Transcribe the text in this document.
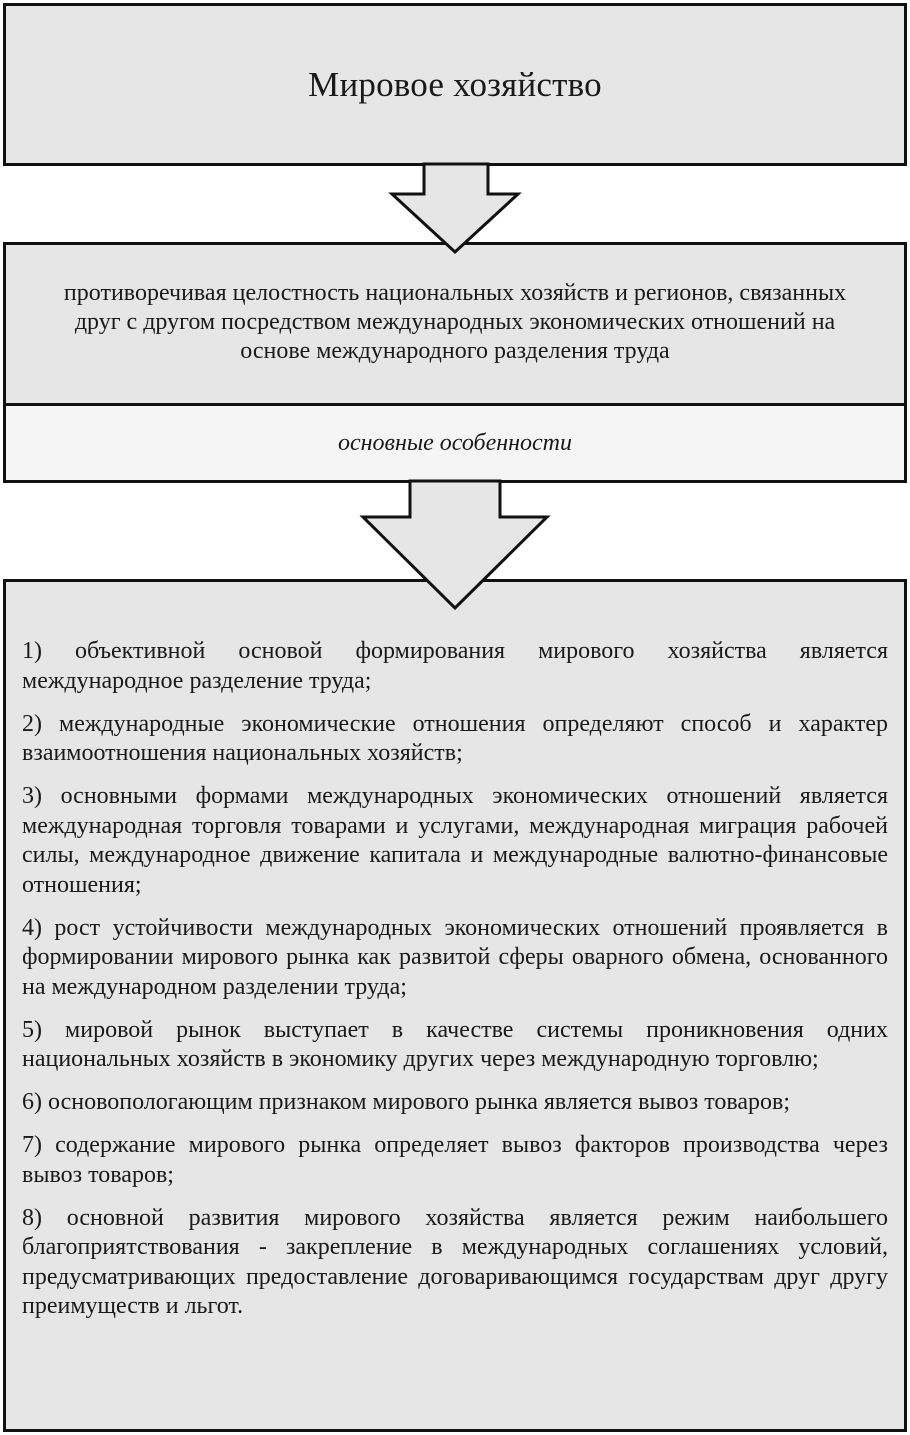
Мировое хозяйство
противоречивая целостность национальных хозяйств и регионов, связанных друг с другом посредством международных экономических отношений на основе международного разделения труда
основные особенности
1) объективной основой формирования мирового хозяйства является международное разделение труда;
2) международные экономические отношения определяют способ и характер взаимоотношения национальных хозяйств;
3) основными формами международных экономических отношений является международная торговля товарами и услугами, международная миграция рабочей силы, международное движение капитала и международные валютно-финансовые отношения;
4) рост устойчивости международных экономических отношений проявляется в формировании мирового рынка как развитой сферы оварного обмена, основанного на международном разделении труда;
5) мировой рынок выступает в качестве системы проникновения одних национальных хозяйств в экономику других через международную торговлю;
6) основопологающим признаком мирового рынка является вывоз товаров;
7) содержание мирового рынка определяет вывоз факторов производства через вывоз товаров;
8) основной развития мирового хозяйства является режим наибольшего благоприятствования - закрепление в международных соглашениях условий, предусматривающих предоставление договаривающимся государствам друг другу преимуществ и льгот.
